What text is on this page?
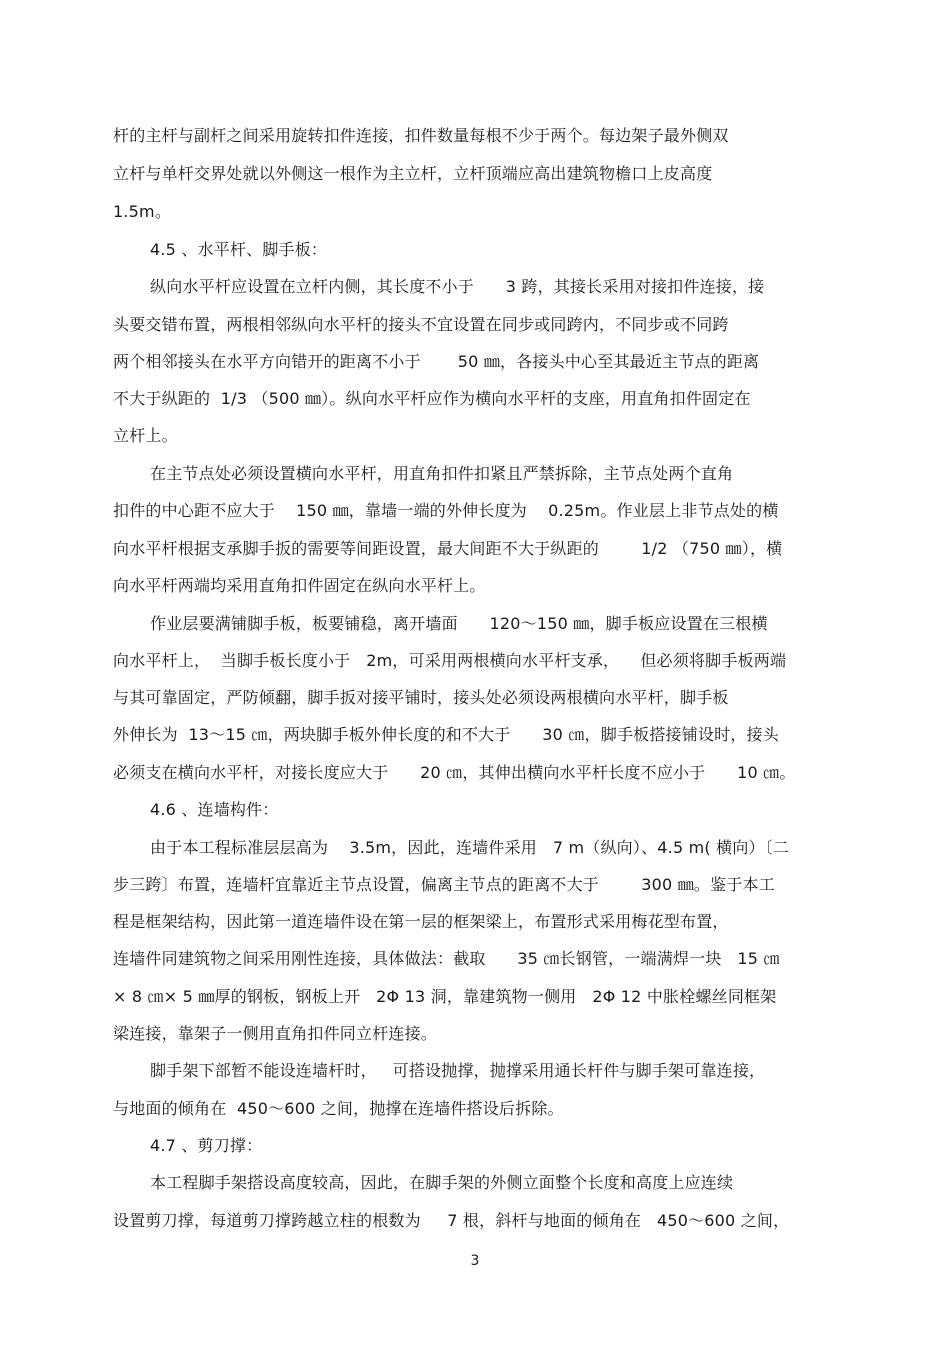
杆的主杆与副杆之间采用旋转扣件连接，扣件数量每根不少于两个。每边架子最外侧双
立杆与单杆交界处就以外侧这一根作为主立杆，立杆顶端应高出建筑物檐口上皮高度
1.5m。
4.5 、水平杆、脚手板：
纵向水平杆应设置在立杆内侧，其长度不小于      3 跨，其接长采用对接扣件连接，接
头要交错布置，两根相邻纵向水平杆的接头不宜设置在同步或同跨内，不同步或不同跨
两个相邻接头在水平方向错开的距离不小于       50 ㎜，各接头中心至其最近主节点的距离
不大于纵距的  1/3 （500 ㎜）。纵向水平杆应作为横向水平杆的支座，用直角扣件固定在
立杆上。
在主节点处必须设置横向水平杆，用直角扣件扣紧且严禁拆除，主节点处两个直角
扣件的中心距不应大于    150 ㎜，靠墙一端的外伸长度为    0.25m。作业层上非节点处的横
向水平杆根据支承脚手扳的需要等间距设置，最大间距不大于纵距的        1/2 （750 ㎜），横
向水平杆两端均采用直角扣件固定在纵向水平杆上。
作业层要满铺脚手板，板要铺稳，离开墙面      120～150 ㎜，脚手板应设置在三根横
向水平杆上，  当脚手板长度小于   2m，可采用两根横向水平杆支承，    但必须将脚手板两端
与其可靠固定，严防倾翻，脚手扳对接平铺时，接头处必须设两根横向水平杆，脚手板
外伸长为  13～15 ㎝，两块脚手板外伸长度的和不大于      30 ㎝，脚手板搭接铺设时，接头
必须支在横向水平杆，对接长度应大于      20 ㎝，其伸出横向水平杆长度不应小于      10 ㎝。
4.6 、连墙构件：
由于本工程标准层层高为    3.5m，因此，连墙件采用   7 m（纵向）、4.5 m( 横向）〔二
步三跨〕布置，连墙杆宜靠近主节点设置，偏离主节点的距离不大于        300 ㎜。鉴于本工
程是框架结构，因此第一道连墙件设在第一层的框架梁上，布置形式采用梅花型布置，
连墙件同建筑物之间采用刚性连接，具体做法：截取      35 ㎝长钢管，一端满焊一块   15 ㎝
× 8 ㎝× 5 ㎜厚的钢板，钢板上开   2Φ 13 洞，靠建筑物一侧用   2Φ 12 中胀栓螺丝同框架
梁连接，靠架子一侧用直角扣件同立杆连接。
脚手架下部暂不能设连墙杆时，   可搭设抛撑，抛撑采用通长杆件与脚手架可靠连接，
与地面的倾角在  450～600 之间，抛撑在连墙件搭设后拆除。
4.7 、剪刀撑：
本工程脚手架搭设高度较高，因此，在脚手架的外侧立面整个长度和高度上应连续
设置剪刀撑，每道剪刀撑跨越立柱的根数为     7 根，斜杆与地面的倾角在   450～600 之间，
3
